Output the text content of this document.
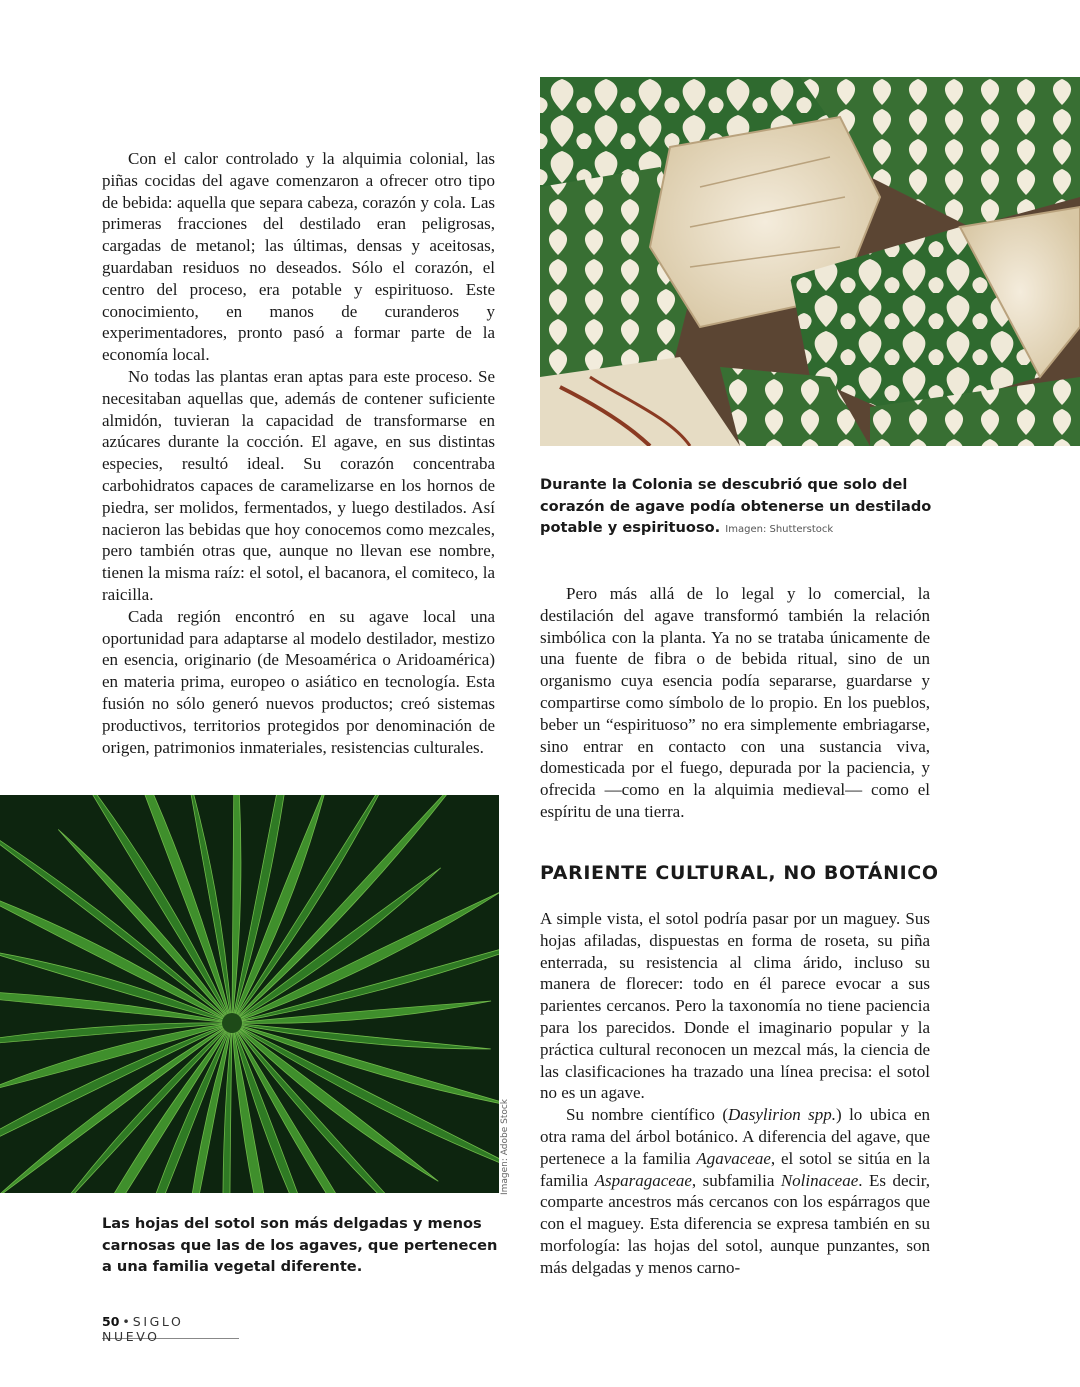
Con el calor controlado y la alquimia colonial, las piñas cocidas del agave comenzaron a ofrecer otro tipo de bebida: aquella que separa cabeza, corazón y cola. Las primeras fracciones del destilado eran peligrosas, cargadas de metanol; las últimas, densas y aceitosas, guardaban residuos no deseados. Sólo el corazón, el centro del proceso, era potable y espirituoso. Este conocimiento, en manos de curanderos y experimentadores, pronto pasó a formar parte de la economía local.

No todas las plantas eran aptas para este proceso. Se necesitaban aquellas que, además de contener suficiente almidón, tuvieran la capacidad de transformarse en azúcares durante la cocción. El agave, en sus distintas especies, resultó ideal. Su corazón concentraba carbohidratos capaces de caramelizarse en los hornos de piedra, ser molidos, fermentados, y luego destilados. Así nacieron las bebidas que hoy conocemos como mezcales, pero también otras que, aunque no llevan ese nombre, tienen la misma raíz: el sotol, el bacanora, el comiteco, la raicilla.

Cada región encontró en su agave local una oportunidad para adaptarse al modelo destilador, mestizo en esencia, originario (de Mesoamérica o Aridoamérica) en materia prima, europeo o asiático en tecnología. Esta fusión no sólo generó nuevos productos; creó sistemas productivos, territorios protegidos por denominación de origen, patrimonios inmateriales, resistencias culturales.

Durante la Colonia se descubrió que solo del corazón de agave podía obtenerse un destilado potable y espirituoso. Imagen: Shutterstock

Pero más allá de lo legal y lo comercial, la destilación del agave transformó también la relación simbólica con la planta. Ya no se trataba únicamente de una fuente de fibra o de bebida ritual, sino de un organismo cuya esencia podía separarse, guardarse y compartirse como símbolo de lo propio. En los pueblos, beber un “espirituoso” no era simplemente embriagarse, sino entrar en contacto con una sustancia viva, domesticada por el fuego, depurada por la paciencia, y ofrecida —como en la alquimia medieval— como el espíritu de una tierra.

PARIENTE CULTURAL, NO BOTÁNICO

A simple vista, el sotol podría pasar por un maguey. Sus hojas afiladas, dispuestas en forma de roseta, su piña enterrada, su resistencia al clima árido, incluso su manera de florecer: todo en él parece evocar a sus parientes cercanos. Pero la taxonomía no tiene paciencia para los parecidos. Donde el imaginario popular y la práctica cultural reconocen un mezcal más, la ciencia de las clasificaciones ha trazado una línea precisa: el sotol no es un agave.

Su nombre científico (Dasylirion spp.) lo ubica en otra rama del árbol botánico. A diferencia del agave, que pertenece a la familia Agavaceae, el sotol se sitúa en la familia Asparagaceae, subfamilia Nolinaceae. Es decir, comparte ancestros más cercanos con los espárragos que con el maguey. Esta diferencia se expresa también en su morfología: las hojas del sotol, aunque punzantes, son más delgadas y menos carno-

Imagen: Adobe Stock
Las hojas del sotol son más delgadas y menos carnosas que las de los agaves, que pertenecen a una familia vegetal diferente.
50 • SIGLO NUEVO
